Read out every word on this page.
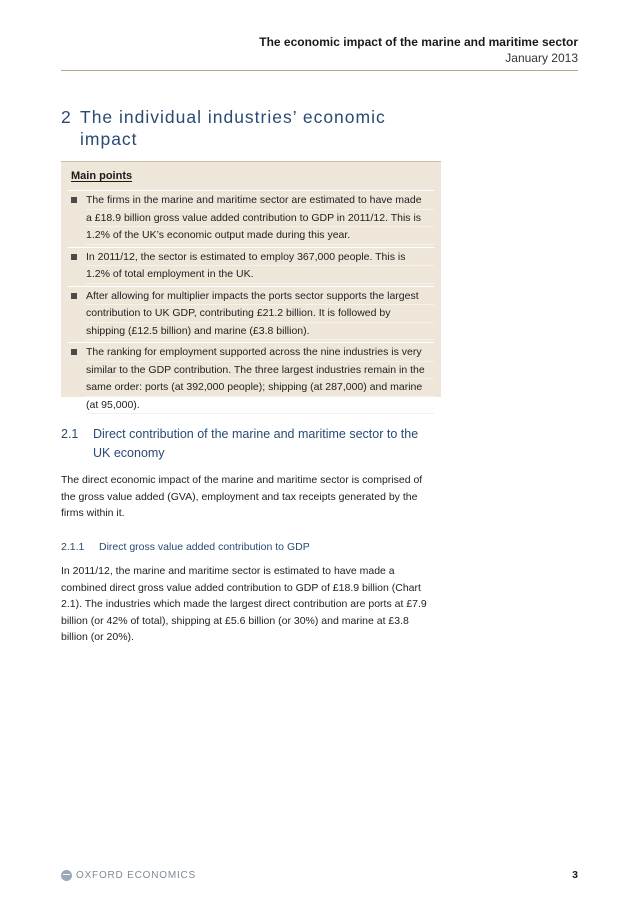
The economic impact of the marine and maritime sector
January 2013
2 The individual industries’ economic
impact
Main points
The firms in the marine and maritime sector are estimated to have made
a £18.9 billion gross value added contribution to GDP in 2011/12. This is
1.2% of the UK’s economic output made during this year.
In 2011/12, the sector is estimated to employ 367,000 people. This is
1.2% of total employment in the UK.
After allowing for multiplier impacts the ports sector supports the largest
contribution to UK GDP, contributing £21.2 billion. It is followed by
shipping (£12.5 billion) and marine (£3.8 billion).
The ranking for employment supported across the nine industries is very
similar to the GDP contribution. The three largest industries remain in the
same order: ports (at 392,000 people); shipping (at 287,000) and marine
(at 95,000).
2.1 Direct contribution of the marine and maritime sector to the
UK economy
The direct economic impact of the marine and maritime sector is comprised of
the gross value added (GVA), employment and tax receipts generated by the
firms within it.
2.1.1 Direct gross value added contribution to GDP
In 2011/12, the marine and maritime sector is estimated to have made a
combined direct gross value added contribution to GDP of £18.9 billion (Chart
2.1). The industries which made the largest direct contribution are ports at £7.9
billion (or 42% of total), shipping at £5.6 billion (or 30%) and marine at £3.8
billion (or 20%).
OXFORD ECONOMICS	3
